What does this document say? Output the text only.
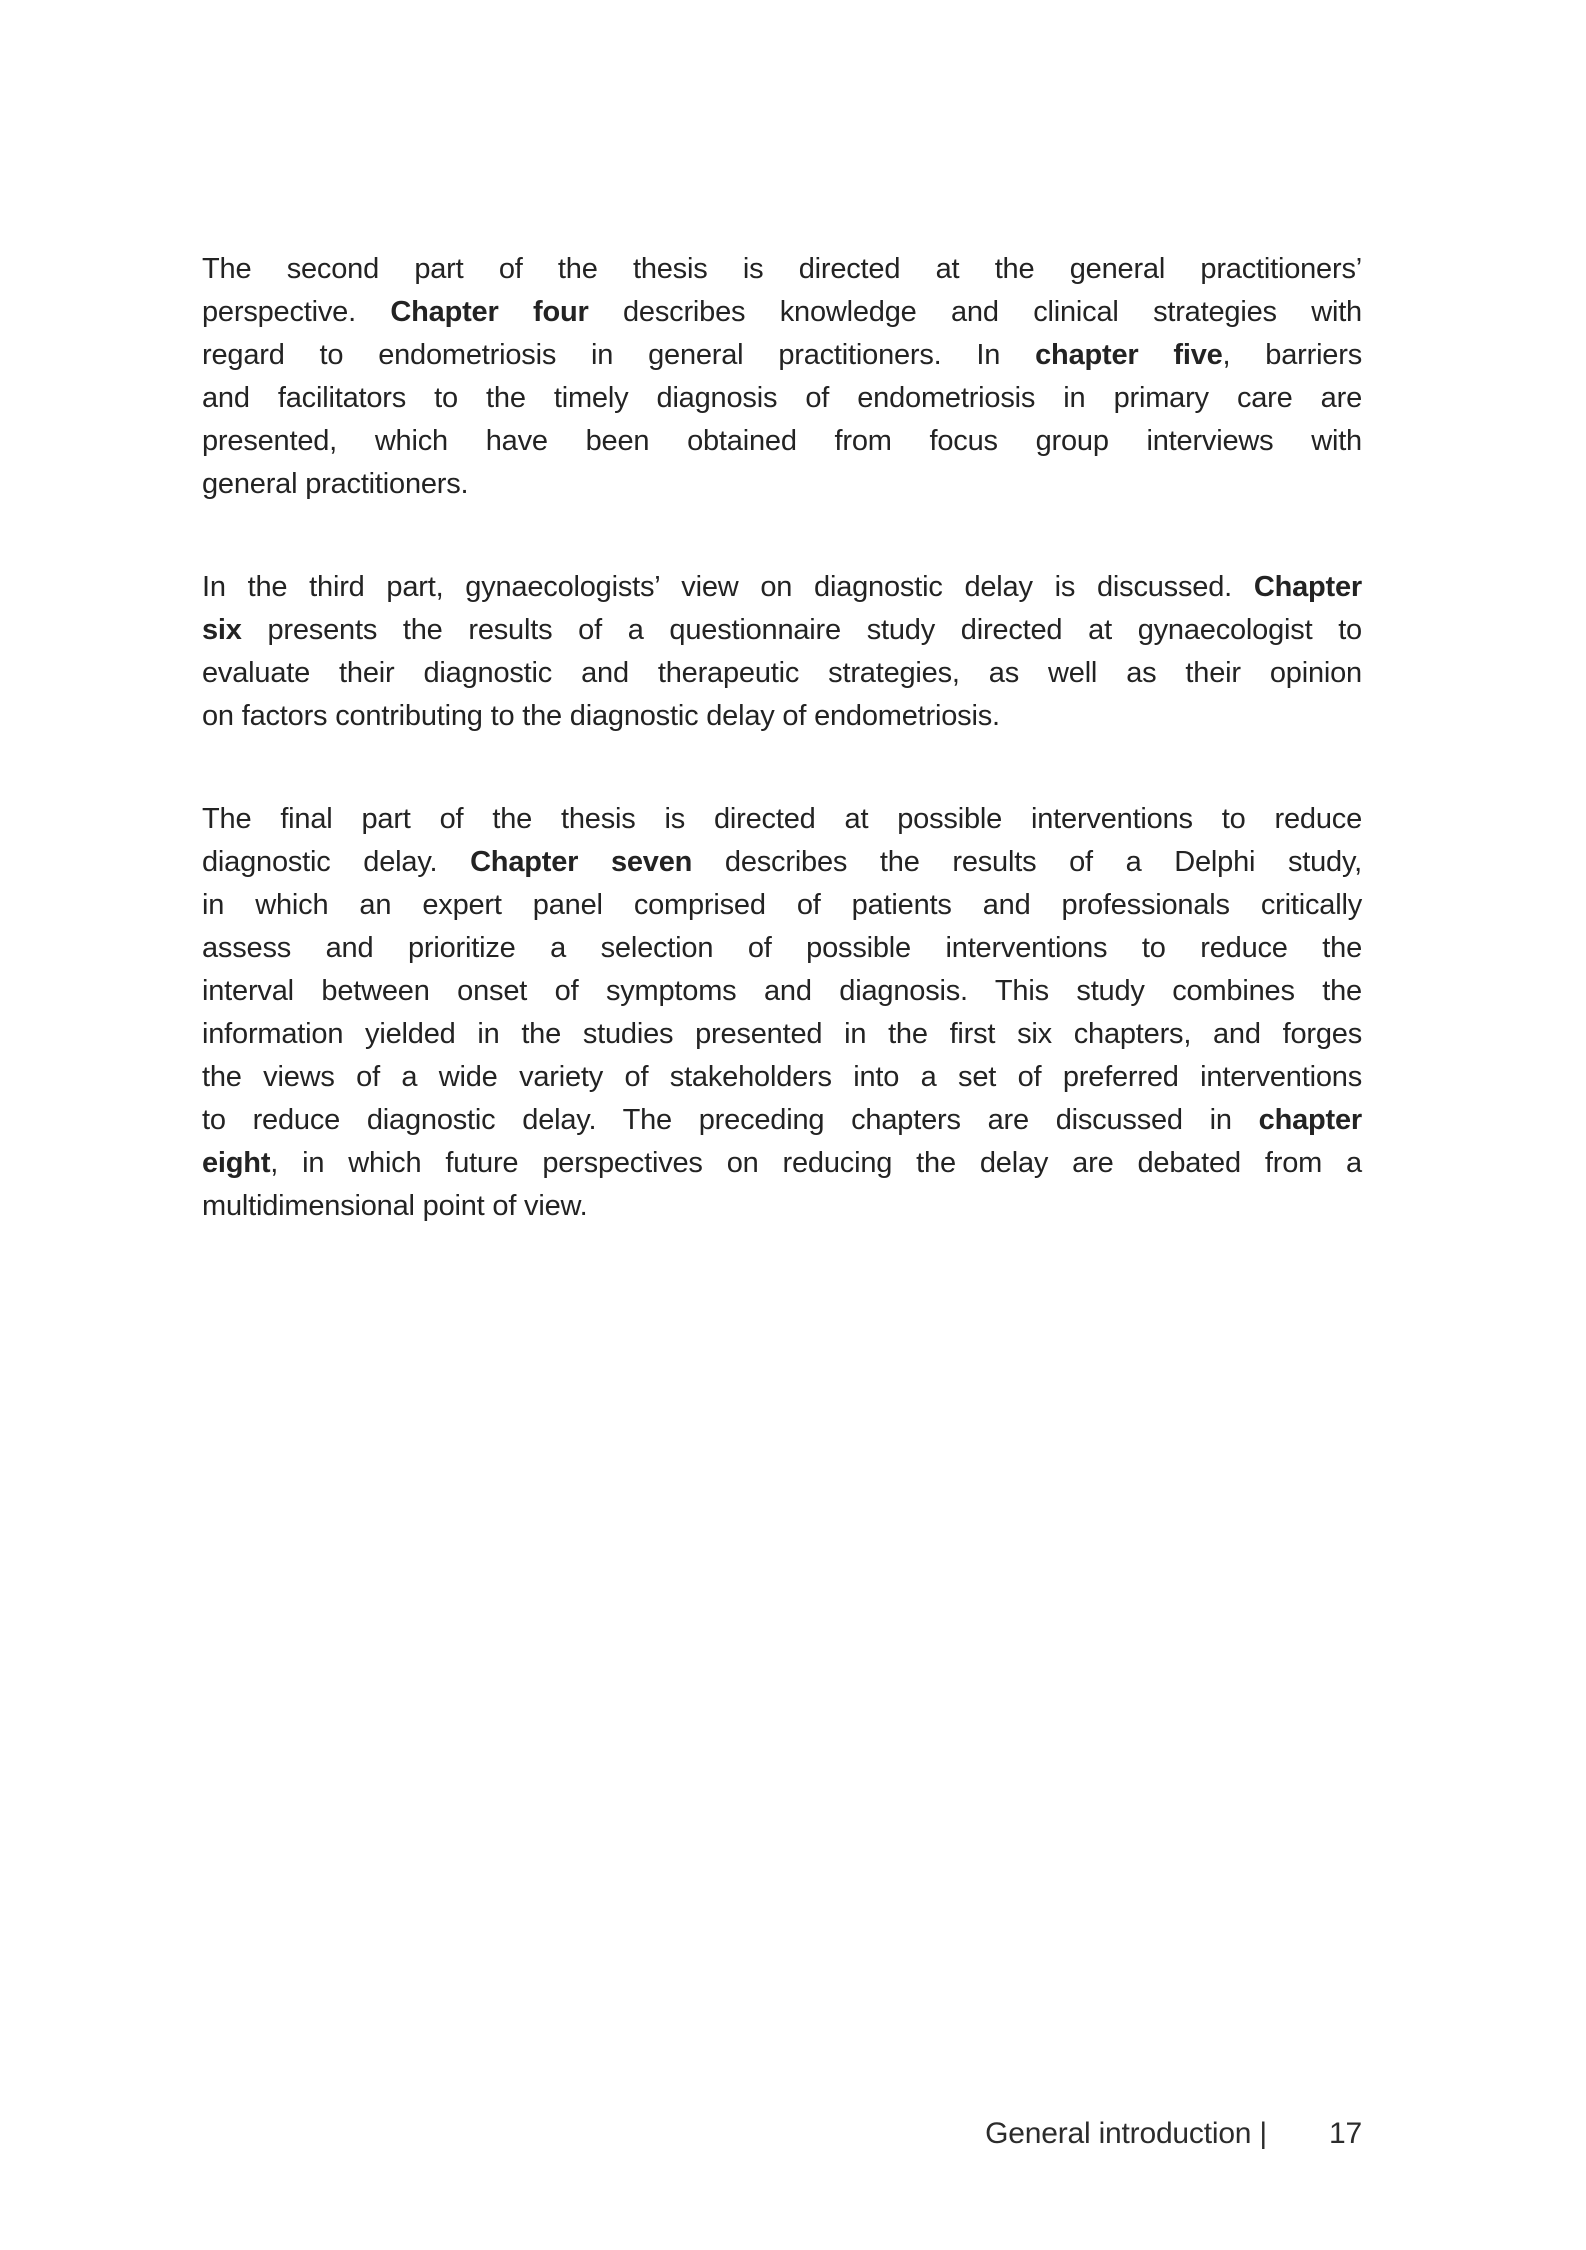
The second part of the thesis is directed at the general practitioners’
perspective. Chapter four describes knowledge and clinical strategies with
regard to endometriosis in general practitioners. In chapter five, barriers
and facilitators to the timely diagnosis of endometriosis in primary care are
presented, which have been obtained from focus group interviews with
general practitioners.
In the third part, gynaecologists’ view on diagnostic delay is discussed. Chapter
six presents the results of a questionnaire study directed at gynaecologist to
evaluate their diagnostic and therapeutic strategies, as well as their opinion
on factors contributing to the diagnostic delay of endometriosis.
The final part of the thesis is directed at possible interventions to reduce
diagnostic delay. Chapter seven describes the results of a Delphi study,
in which an expert panel comprised of patients and professionals critically
assess and prioritize a selection of possible interventions to reduce the
interval between onset of symptoms and diagnosis. This study combines the
information yielded in the studies presented in the first six chapters, and forges
the views of a wide variety of stakeholders into a set of preferred interventions
to reduce diagnostic delay. The preceding chapters are discussed in chapter
eight, in which future perspectives on reducing the delay are debated from a
multidimensional point of view.
General introduction | 17
